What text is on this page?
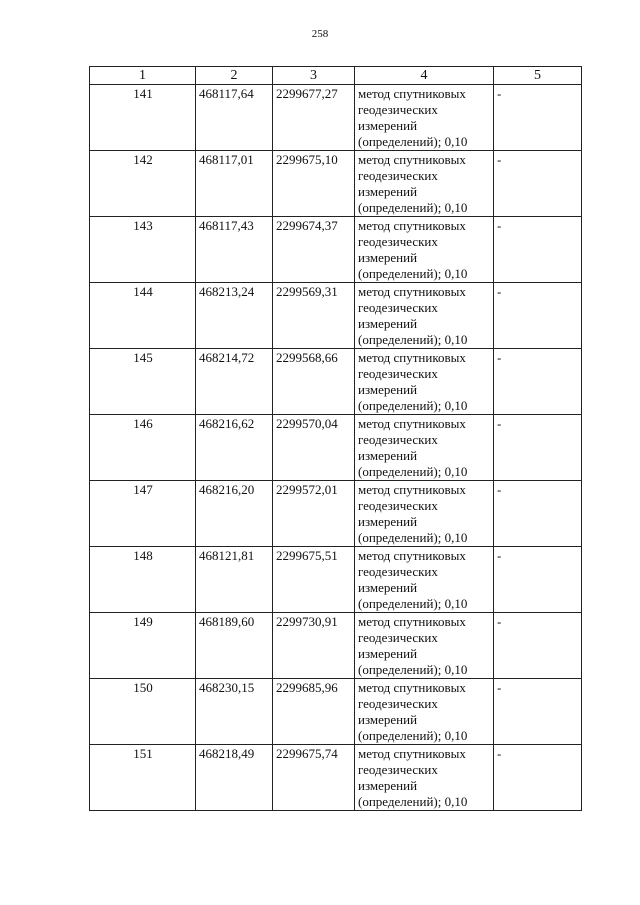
258
1	2	3	4	5
141	468117,64	2299677,27	метод спутниковых
геодезических
измерений
(определений); 0,10	-
142	468117,01	2299675,10	метод спутниковых
геодезических
измерений
(определений); 0,10	-
143	468117,43	2299674,37	метод спутниковых
геодезических
измерений
(определений); 0,10	-
144	468213,24	2299569,31	метод спутниковых
геодезических
измерений
(определений); 0,10	-
145	468214,72	2299568,66	метод спутниковых
геодезических
измерений
(определений); 0,10	-
146	468216,62	2299570,04	метод спутниковых
геодезических
измерений
(определений); 0,10	-
147	468216,20	2299572,01	метод спутниковых
геодезических
измерений
(определений); 0,10	-
148	468121,81	2299675,51	метод спутниковых
геодезических
измерений
(определений); 0,10	-
149	468189,60	2299730,91	метод спутниковых
геодезических
измерений
(определений); 0,10	-
150	468230,15	2299685,96	метод спутниковых
геодезических
измерений
(определений); 0,10	-
151	468218,49	2299675,74	метод спутниковых
геодезических
измерений
(определений); 0,10	-
